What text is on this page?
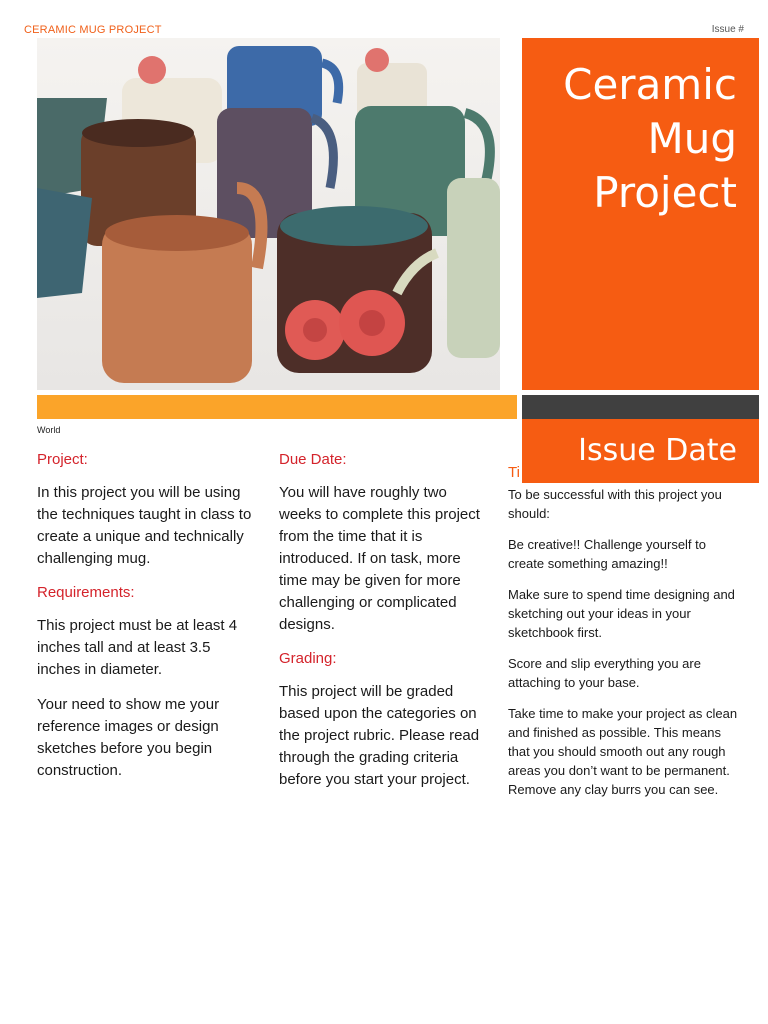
CERAMIC MUG PROJECT	Issue #
Ceramic
Mug
Project
Ti
Issue Date
World
Project:

In this project you will be using the techniques taught in class to create a unique and technically challenging mug.

Requirements:

This project must be at least 4 inches tall and at least 3.5 inches in diameter.

Your need to show me your reference images or design sketches before you begin construction.

Due Date:

You will have roughly two weeks to complete this project from the time that it is introduced. If on task, more time may be given for more challenging or complicated designs.

Grading:

This project will be graded based upon the categories on the project rubric. Please read through the grading criteria before you start your project.

To be successful with this project you should:

Be creative!! Challenge yourself to create something amazing!!

Make sure to spend time designing and sketching out your ideas in your sketchbook first.

Score and slip everything you are attaching to your base.

Take time to make your project as clean and finished as possible. This means that you should smooth out any rough areas you don’t want to be permanent. Remove any clay burrs you can see.
